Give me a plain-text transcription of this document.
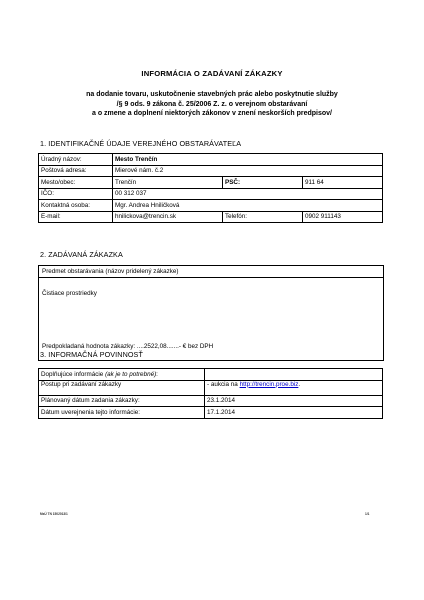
INFORMÁCIA O ZADÁVANÍ ZÁKAZKY
na dodanie tovaru, uskutočnenie stavebných prác alebo poskytnutie služby
/§ 9 ods. 9 zákona č. 25/2006 Z. z. o verejnom obstarávaní
a o zmene a doplnení niektorých zákonov v znení neskorších predpisov/
1. IDENTIFIKAČNÉ ÚDAJE VEREJNÉHO OBSTARÁVATEĽA
Úradný názov:	Mesto Trenčín		
Poštová adresa:	Mierové nám. č.2		
Mesto/obec:	Trenčín	PSČ:	911 64
IČO:	00 312 037		
Kontaktná osoba:	Mgr. Andrea Hniličková		
E-mail:	hnilickova@trencin.sk	Telefón:	0902 911143
2. ZADÁVANÁ ZÁKAZKA
Predmet obstarávania (názov pridelený zákazke)
Čistiace prostriedky
Predpokladaná hodnota zákazky: ....2522,08.......- € bez DPH
3. INFORMAČNÁ POVINNOSŤ
Doplňujúce informácie (ak je to potrebné):	
Postup pri zadávaní zákazky	- aukcia na http://trencin.proe.biz.
Plánovaný dátum zadania zákazky:	23.1.2014
Dátum uverejnenia tejto informácie:	17.1.2014
MsÚ TN 1502013/1	1/1
